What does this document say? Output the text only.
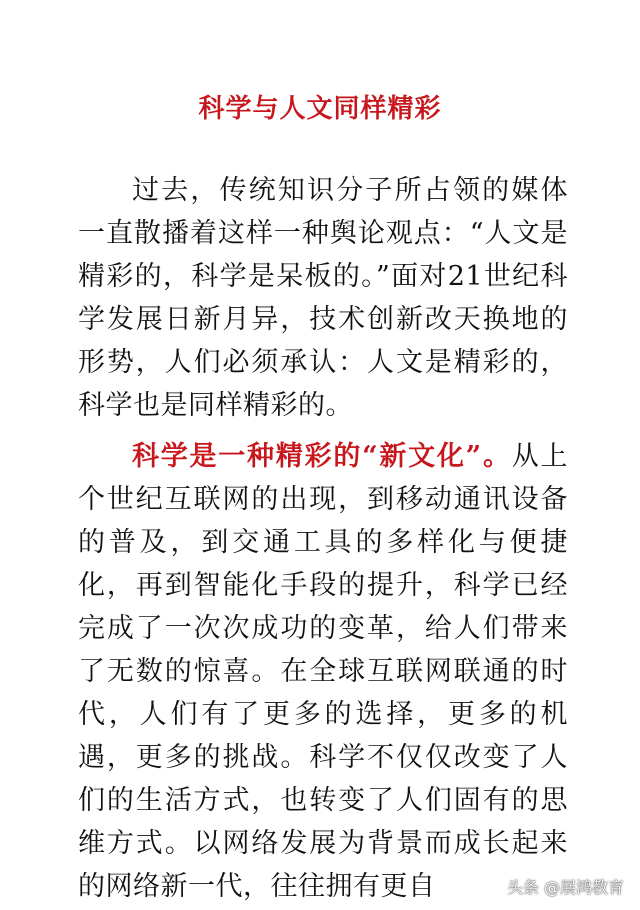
科学与人文同样精彩

过去，传统知识分子所占领的媒体一直散播着这样一种舆论观点：“人文是精彩的，科学是呆板的。”面对21世纪科学发展日新月异，技术创新改天换地的形势，人们必须承认：人文是精彩的，科学也是同样精彩的。

科学是一种精彩的“新文化”。从上个世纪互联网的出现，到移动通讯设备的普及，到交通工具的多样化与便捷化，再到智能化手段的提升，科学已经完成了一次次成功的变革，给人们带来了无数的惊喜。在全球互联网联通的时代，人们有了更多的选择，更多的机遇，更多的挑战。科学不仅仅改变了人们的生活方式，也转变了人们固有的思维方式。以网络发展为背景而成长起来的网络新一代，往往拥有更自	头条 @展鸿教育
